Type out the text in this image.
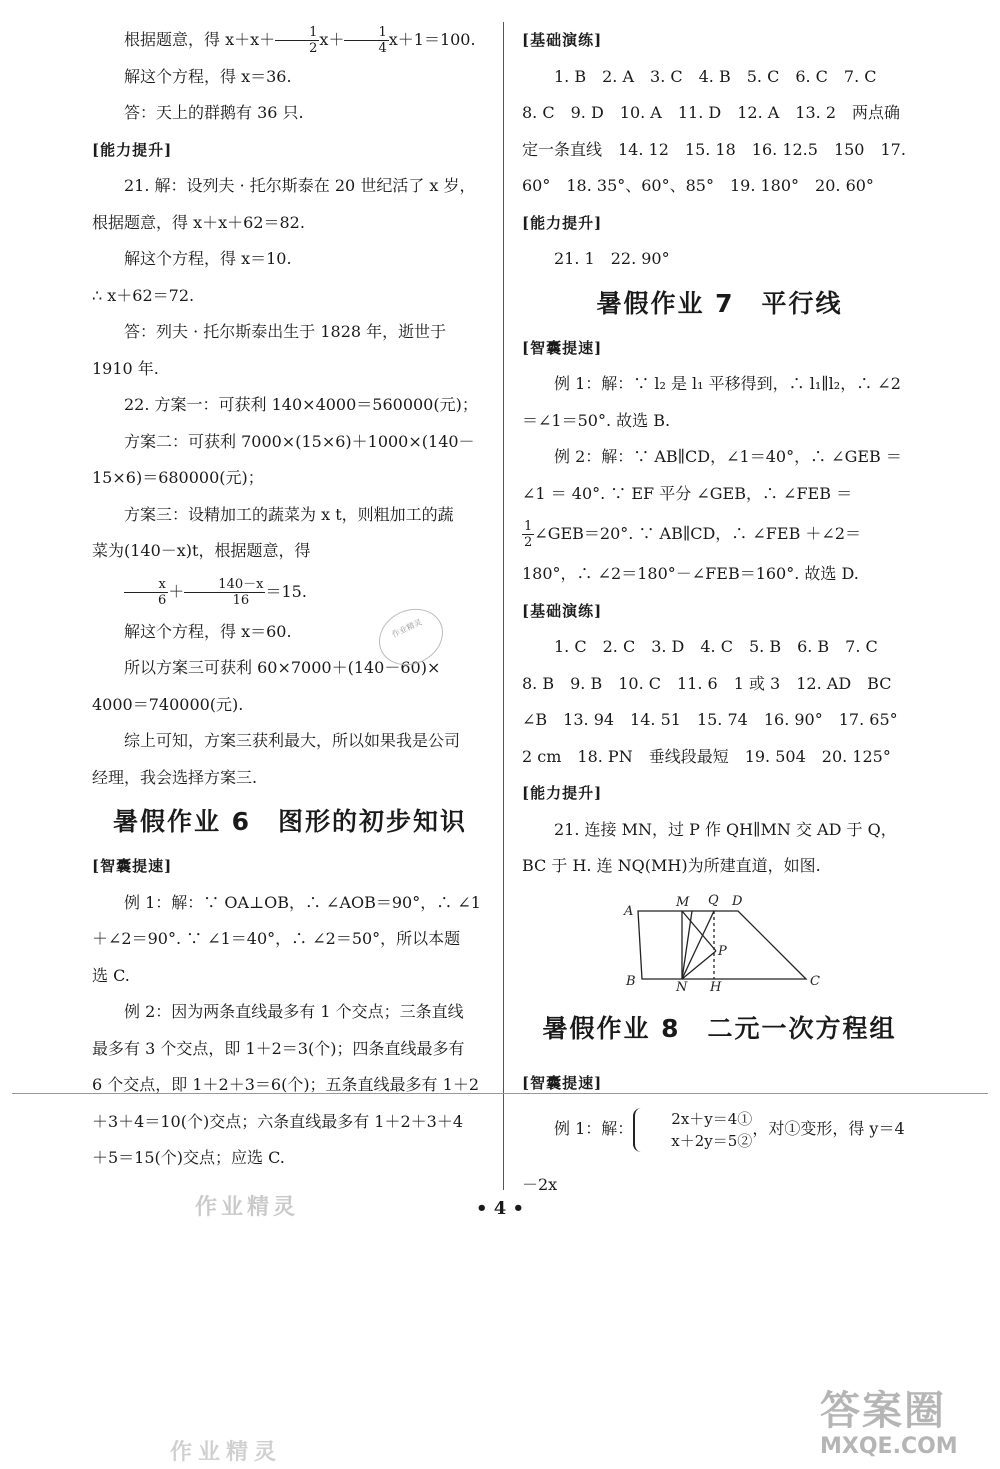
根据题意，得 $x+x+ \frac{1}{2} x+ \frac{1}{4} x+1=100$.

解这个方程，得 x＝36.

答：天上的群鹅有 36 只.

[能力提升]

21. 解：设列夫 · 托尔斯泰在 20 世纪活了 x 岁，

根据题意，得 x＋x＋62＝82.

解这个方程，得 x＝10.

∴ x＋62＝72.

答：列夫 · 托尔斯泰出生于 1828 年，逝世于

1910 年.

22. 方案一：可获利 140×4000＝560000(元)；

方案二：可获利 7000×(15×6)＋1000×(140－

15×6)＝680000(元)；

方案三：设精加工的蔬菜为 x t，则粗加工的蔬

菜为(140－x)t，根据题意，得

$\frac{x}{6} + \frac{140-x}{16} =15$.

解这个方程，得 x＝60.

所以方案三可获利 60×7000＋(140－60)×

4000＝740000(元).

综上可知，方案三获利最大，所以如果我是公司

经理，我会选择方案三.

暑假作业 6　图形的初步知识

[智囊提速]

例 1：解：∵ OA⊥OB，∴ ∠AOB＝90°，∴ ∠1

＋∠2＝90°. ∵ ∠1＝40°，∴ ∠2＝50°，所以本题

选 C.

例 2：因为两条直线最多有 1 个交点；三条直线

最多有 3 个交点，即 1＋2＝3(个)；四条直线最多有

6 个交点，即 1＋2＋3＝6(个)；五条直线最多有 1＋2

＋3＋4＝10(个)交点；六条直线最多有 1＋2＋3＋4

＋5＝15(个)交点；应选 C.

[基础演练]

1. B　2. A　3. C　4. B　5. C　6. C　7. C

8. C　9. D　10. A　11. D　12. A　13. 2　两点确

定一条直线　14. 12　15. 18　16. 12.5　150　17.

60°　18. 35°、60°、85°　19. 180°　20. 60°

[能力提升]

21. 1　22. 90°

暑假作业 7　平行线

[智囊提速]

例 1：解：∵ l₂ 是 l₁ 平移得到，∴ l₁∥l₂，∴ ∠2

＝∠1＝50°. 故选 B.

例 2：解：∵ AB∥CD，∠1＝40°，∴ ∠GEB ＝

∠1 ＝ 40°. ∵ EF 平分 ∠GEB，∴ ∠FEB ＝

$\frac{1}{2}$ ∠GEB＝20°. ∵ AB∥CD，∴ ∠FEB ＋∠2＝

180°，∴ ∠2＝180°－∠FEB＝160°. 故选 D.

[基础演练]

1. C　2. C　3. D　4. C　5. B　6. B　7. C

8. B　9. B　10. C　11. 6　1 或 3　12. AD　BC

∠B　13. 94　14. 51　15. 74　16. 90°　17. 65°

2 cm　18. PN　垂线段最短　19. 504　20. 125°

[能力提升]

21. 连接 MN，过 P 作 QH∥MN 交 AD 于 Q，

BC 于 H. 连 NQ(MH)为所建直道，如图.

A
M Q D
P
B	N H	C

暑假作业 8　二元一次方程组

[智囊提速]

例 1：解：
2x＋y＝4①
x＋2y＝5②
，对①变形，得 y＝4－2x

作业精灵
• 4 •
作业精灵
作业精灵
答案圈
MXQE.COM
